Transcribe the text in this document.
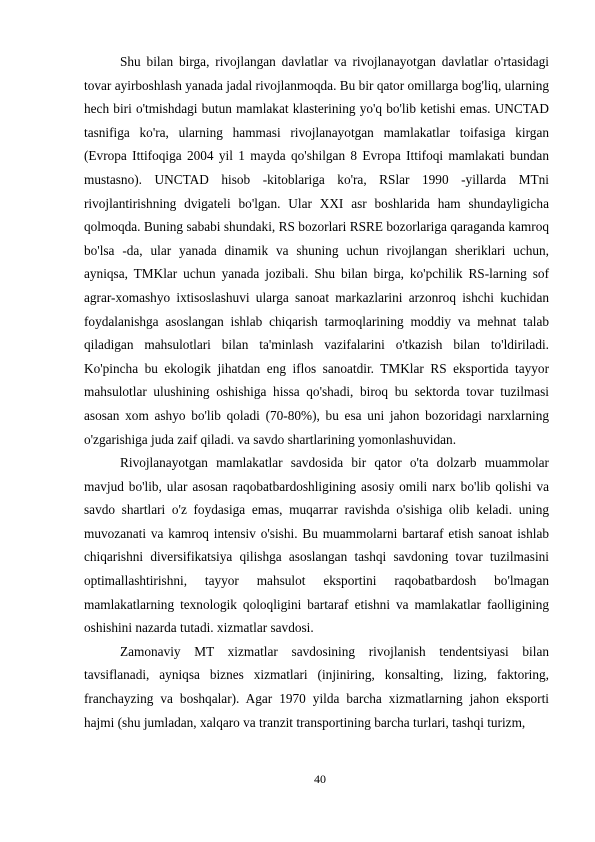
Shu bilan birga, rivojlangan davlatlar va rivojlanayotgan davlatlar o'rtasidagi tovar ayirboshlash yanada jadal rivojlanmoqda. Bu bir qator omillarga bog'liq, ularning hech biri o'tmishdagi butun mamlakat klasterining yo'q bo'lib ketishi emas. UNCTAD tasnifiga ko'ra, ularning hammasi rivojlanayotgan mamlakatlar toifasiga kirgan (Evropa Ittifoqiga 2004 yil 1 mayda qo'shilgan 8 Evropa Ittifoqi mamlakati bundan mustasno). UNCTAD hisob -kitoblariga ko'ra, RSlar 1990 -yillarda MTni rivojlantirishning dvigateli bo'lgan. Ular XXI asr boshlarida ham shundayligicha qolmoqda. Buning sababi shundaki, RS bozorlari RSRE bozorlariga qaraganda kamroq bo'lsa -da, ular yanada dinamik va shuning uchun rivojlangan sheriklari uchun, ayniqsa, TMKlar uchun yanada jozibali. Shu bilan birga, ko'pchilik RS-larning sof agrar-xomashyo ixtisoslashuvi ularga sanoat markazlarini arzonroq ishchi kuchidan foydalanishga asoslangan ishlab chiqarish tarmoqlarining moddiy va mehnat talab qiladigan mahsulotlari bilan ta'minlash vazifalarini o'tkazish bilan to'ldiriladi. Ko'pincha bu ekologik jihatdan eng iflos sanoatdir. TMKlar RS eksportida tayyor mahsulotlar ulushining oshishiga hissa qo'shadi, biroq bu sektorda tovar tuzilmasi asosan xom ashyo bo'lib qoladi (70-80%), bu esa uni jahon bozoridagi narxlarning o'zgarishiga juda zaif qiladi. va savdo shartlarining yomonlashuvidan.

Rivojlanayotgan mamlakatlar savdosida bir qator o'ta dolzarb muammolar mavjud bo'lib, ular asosan raqobatbardoshligining asosiy omili narx bo'lib qolishi va savdo shartlari o'z foydasiga emas, muqarrar ravishda o'sishiga olib keladi. uning muvozanati va kamroq intensiv o'sishi. Bu muammolarni bartaraf etish sanoat ishlab chiqarishni diversifikatsiya qilishga asoslangan tashqi savdoning tovar tuzilmasini optimallashtirishni, tayyor mahsulot eksportini raqobatbardosh bo'lmagan mamlakatlarning texnologik qoloqligini bartaraf etishni va mamlakatlar faolligining oshishini nazarda tutadi. xizmatlar savdosi.

Zamonaviy MT xizmatlar savdosining rivojlanish tendentsiyasi bilan tavsiflanadi, ayniqsa biznes xizmatlari (injiniring, konsalting, lizing, faktoring, franchayzing va boshqalar). Agar 1970 yilda barcha xizmatlarning jahon eksporti hajmi (shu jumladan, xalqaro va tranzit transportining barcha turlari, tashqi turizm,

40
